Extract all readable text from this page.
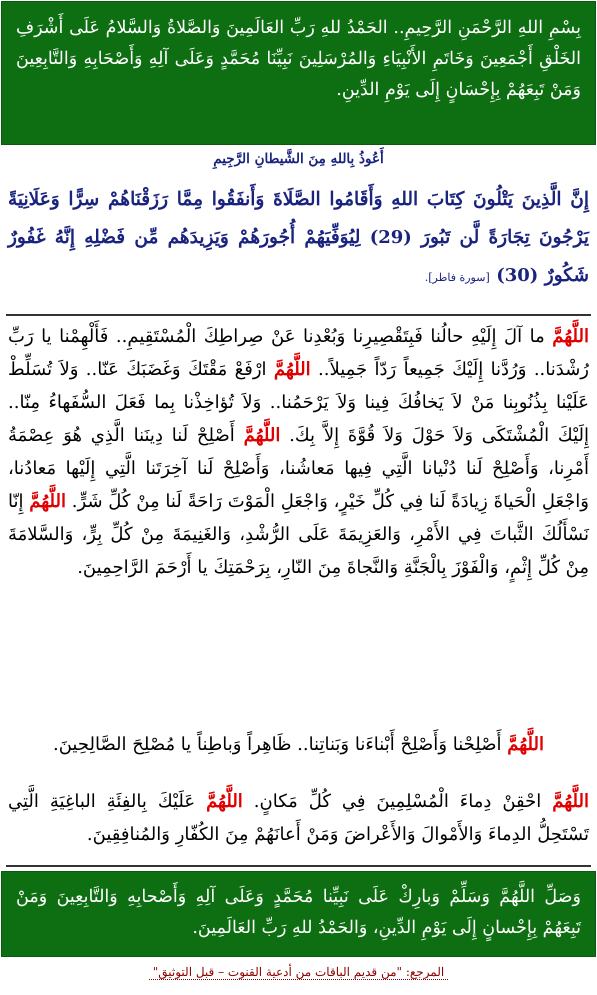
بِسْمِ اللهِ الرَّحْمَنِ الرَّحِيمِ.. الحَمْدُ للهِ رَبِّ العَالَمِينَ وَالصَّلاةُ وَالسَّلامُ عَلَى أَشْرَفِ الخَلْقِ أَجْمَعِينَ وَخَاتَمِ الأَنْبِيَاءِ وَالمُرْسَلِينَ نَبِيِّنَا مُحَمَّدٍ وَعَلَى آلِهِ وَأَصْحَابِهِ وَالتَّابِعِينَ وَمَنْ تَبِعَهُمْ بِإِحْسَانٍ إِلَى يَوْمِ الدِّينِ.
أَعُوذُ بِاللهِ مِنَ الشَّيطانِ الرَّجِيمِ
إِنَّ الَّذِينَ يَتْلُونَ كِتَابَ اللهِ وَأَقَامُوا الصَّلَاةَ وَأَنفَقُوا مِمَّا رَزَقْنَاهُمْ سِرًّا وَعَلَانِيَةً يَرْجُونَ تِجَارَةً لَّن تَبُورَ (29) لِيُوَفِّيَهُمْ أُجُورَهُمْ وَيَزِيدَهُم مِّن فَضْلِهِ إِنَّهُ غَفُورٌ شَكُورٌ (30) [سورة فاطر].
اللَّهُمَّ ما آلَ إِلَيْهِ حالُنا فَبِتَقْصِيرِنا وَبُعْدِنا عَنْ صِراطِكَ الْمُسْتَقِيمِ.. فَأَلْهِمْنا يا رَبِّ رُشْدَنا.. وَرُدَّنا إِلَيْكَ جَمِيعاً رَدّاً جَمِيلاً.. اللَّهُمَّ ارْفَعْ مَقْتَكَ وَغَضَبَكَ عَنّا.. وَلاَ تُسَلِّطْ عَلَيْنا بِذُنُوبِنا مَنْ لاَ يَخافُكَ فِينا وَلاَ يَرْحَمُنا.. وَلاَ تُؤاخِذْنا بِما فَعَلَ السُّفَهاءُ مِنّا.. إِلَيْكَ الْمُشْتَكَى وَلاَ حَوْلَ وَلاَ قُوَّةَ إِلاَّ بِكَ. اللَّهُمَّ أَصْلِحْ لَنا دِينَنا الَّذِي هُوَ عِصْمَةُ أَمْرِنا، وَأَصْلِحْ لَنا دُنْيانا الَّتِي فِيها مَعاشُنا، وَأَصْلِحْ لَنا آخِرَتَنا الَّتِي إِلَيْها مَعادُنا، وَاجْعَلِ الْحَياةَ زِيادَةً لَنا فِي كُلِّ خَيْرٍ، وَاجْعَلِ الْمَوْتَ رَاحَةً لَنا مِنْ كُلِّ شَرٍّ. اللَّهُمَّ إِنّا نَسْأَلُكَ الثَّباتَ فِي الأَمْرِ، وَالعَزِيمَةَ عَلَى الرُّشْدِ، وَالغَنِيمَةَ مِنْ كُلِّ بِرٍّ، وَالسَّلامَةَ مِنْ كُلِّ إِثْمٍ، وَالْفَوْزَ بِالْجَنَّةِ وَالنَّجاةَ مِنَ النّارِ، بِرَحْمَتِكَ يا أَرْحَمَ الرَّاحِمِينَ.
اللَّهُمَّ أَصْلِحْنا وَأَصْلِحْ أَبْناءَنا وَبَناتِنا.. ظَاهِراً وَباطِناً يا مُصْلِحَ الصَّالِحِينَ.
اللَّهُمَّ احْقِنْ دِماءَ الْمُسْلِمِينَ فِي كُلِّ مَكانٍ. اللَّهُمَّ عَلَيْكَ بِالفِئَةِ الباغِيَةِ الَّتِي تَسْتَحِلُّ الدِماءَ وَالأَمْوالَ وَالأَعْراضَ وَمَنْ أَعانَهُمْ مِنَ الكُفّارِ وَالمُنافِقِينَ.
وَصَلِّ اللَّهُمَّ وَسَلِّمْ وَبارِكْ عَلَى نَبِيِّنا مُحَمَّدٍ وَعَلَى آلِهِ وَأَصْحابِهِ وَالتَّابِعِينَ وَمَنْ تَبِعَهُمْ بِإِحْسانٍ إِلَى يَوْمِ الدِّينِ، وَالحَمْدُ للهِ رَبِّ العَالَمِينَ.
المرجع: "من قديم الباقات من أدعية القنوت – قبل التوثيق"
